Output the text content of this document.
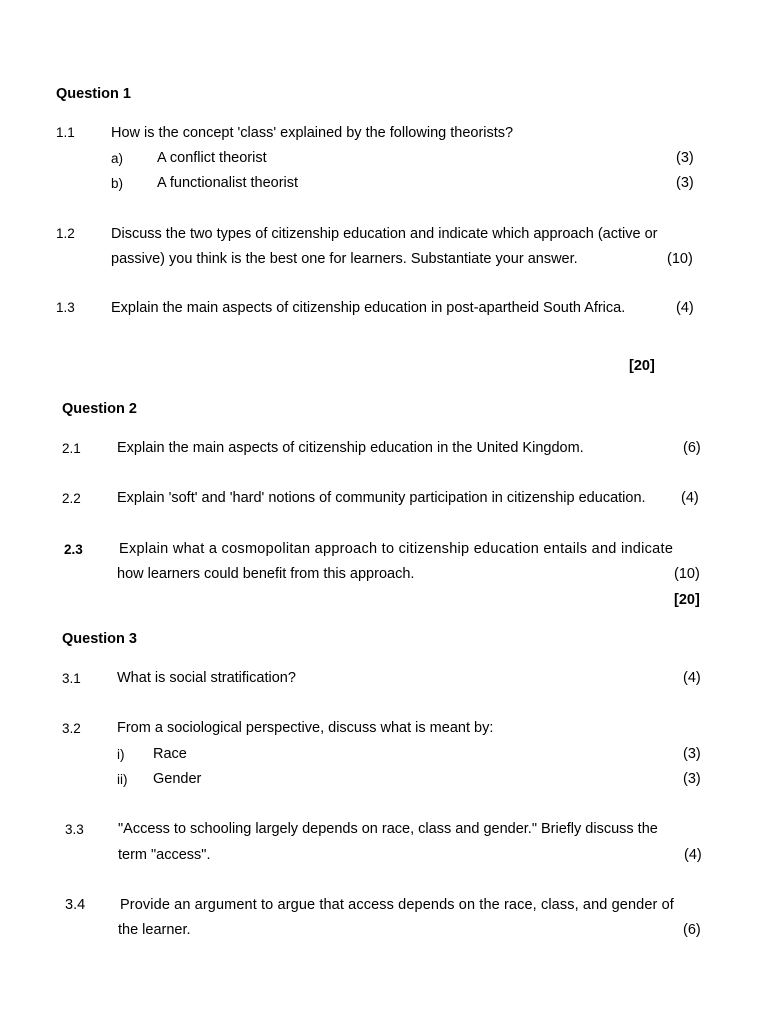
Question 1
1.1 How is the concept 'class' explained by the following theorists?
a) A conflict theorist	(3)
b) A functionalist theorist	(3)
1.2 Discuss the two types of citizenship education and indicate which approach (active or
passive) you think is the best one for learners. Substantiate your answer.	(10)
1.3 Explain the main aspects of citizenship education in post-apartheid South Africa.	(4)
[20]
Question 2
2.1 Explain the main aspects of citizenship education in the United Kingdom.	(6)
2.2 Explain 'soft' and 'hard' notions of community participation in citizenship education. (4)
2.3 Explain what a cosmopolitan approach to citizenship education entails and indicate
how learners could benefit from this approach.	(10)
[20]
Question 3
3.1 What is social stratification?	(4)
3.2 From a sociological perspective, discuss what is meant by:
i) Race	(3)
ii) Gender	(3)
3.3 "Access to schooling largely depends on race, class and gender." Briefly discuss the
term "access".	(4)
3.4 Provide an argument to argue that access depends on the race, class, and gender of
the learner.	(6)
